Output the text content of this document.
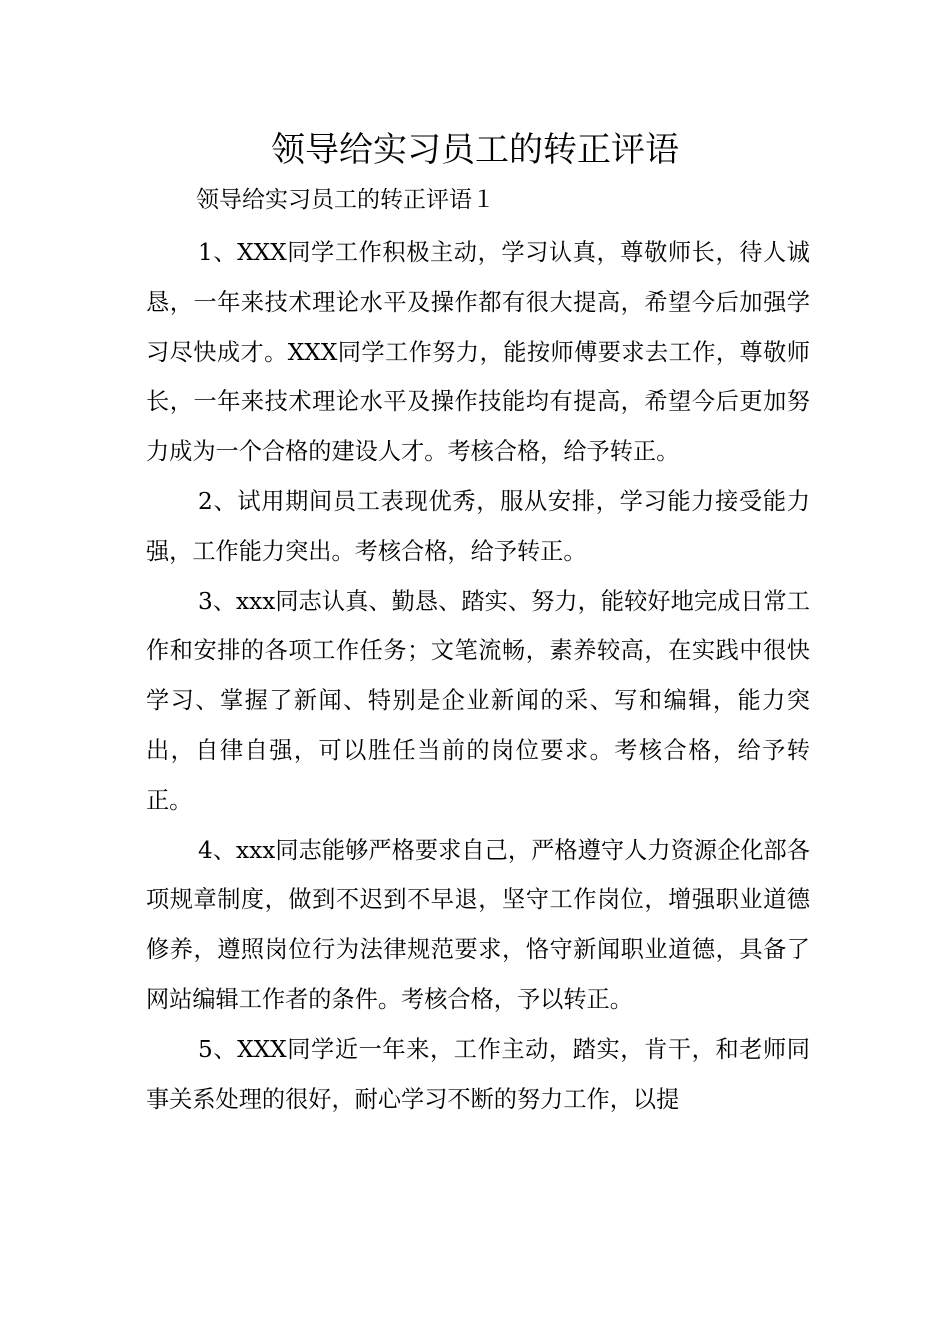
领导给实习员工的转正评语

领导给实习员工的转正评语１

1、XXX同学工作积极主动，学习认真，尊敬师长，待人诚恳，一年来技术理论水平及操作都有很大提高，希望今后加强学习尽快成才。XXX同学工作努力，能按师傅要求去工作，尊敬师长，一年来技术理论水平及操作技能均有提高，希望今后更加努力成为一个合格的建设人才。考核合格，给予转正。

2、试用期间员工表现优秀，服从安排，学习能力接受能力强，工作能力突出。考核合格，给予转正。

3、xxx同志认真、勤恳、踏实、努力，能较好地完成日常工作和安排的各项工作任务；文笔流畅，素养较高，在实践中很快学习、掌握了新闻、特别是企业新闻的采、写和编辑，能力突出，自律自强，可以胜任当前的岗位要求。考核合格，给予转正。

4、xxx同志能够严格要求自己，严格遵守人力资源企化部各项规章制度，做到不迟到不早退，坚守工作岗位，增强职业道德修养，遵照岗位行为法律规范要求，恪守新闻职业道德，具备了网站编辑工作者的条件。考核合格，予以转正。

5、XXX同学近一年来，工作主动，踏实，肯干，和老师同事关系处理的很好，耐心学习不断的努力工作，以提
